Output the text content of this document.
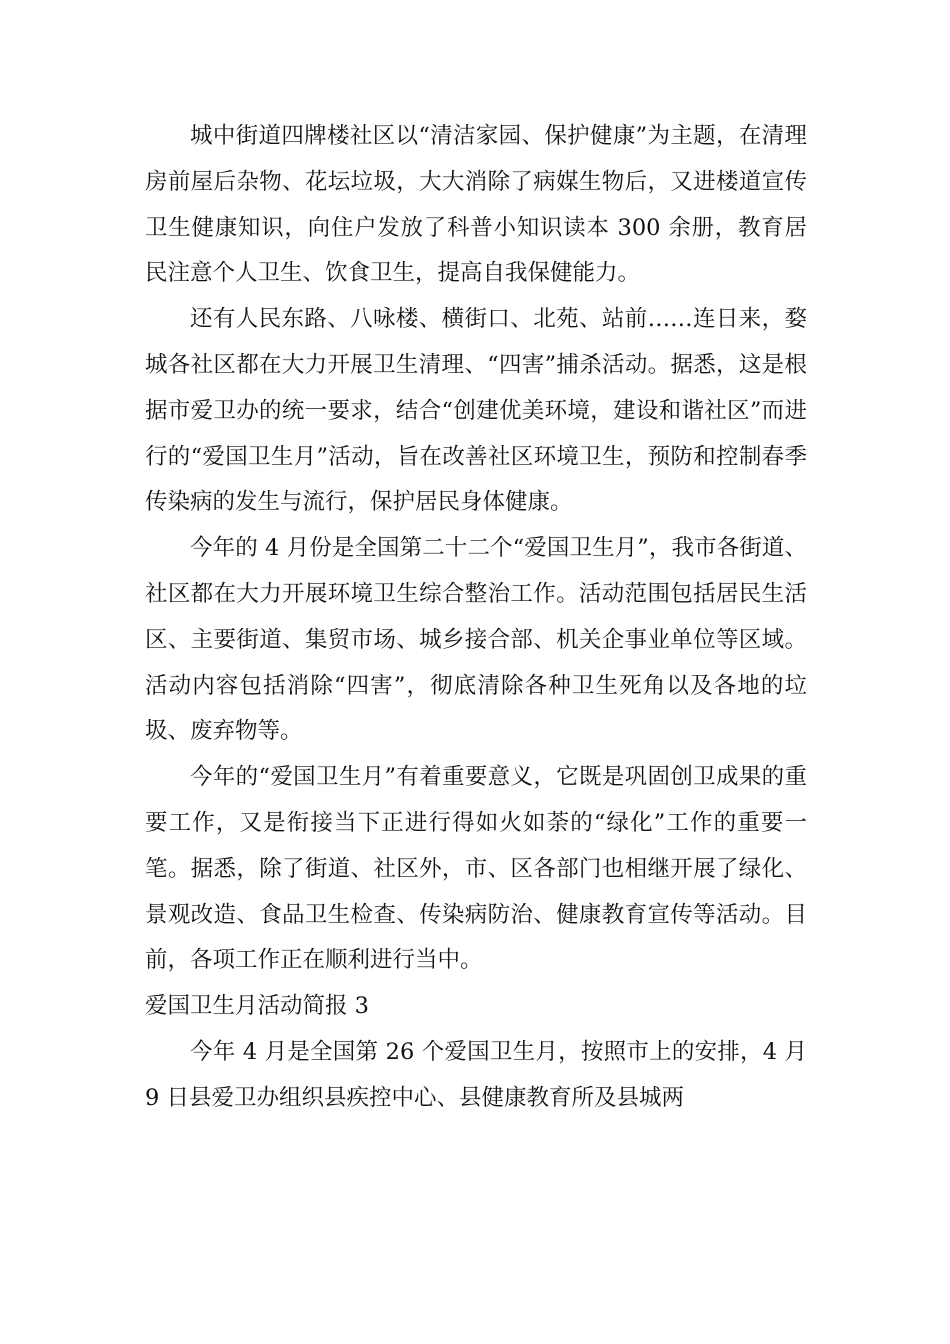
城中街道四牌楼社区以“清洁家园、保护健康”为主题，在清理房前屋后杂物、花坛垃圾，大大消除了病媒生物后，又进楼道宣传卫生健康知识，向住户发放了科普小知识读本 300 余册，教育居民注意个人卫生、饮食卫生，提高自我保健能力。

还有人民东路、八咏楼、横街口、北苑、站前……连日来，婺城各社区都在大力开展卫生清理、“四害”捕杀活动。据悉，这是根据市爱卫办的统一要求，结合“创建优美环境，建设和谐社区”而进行的“爱国卫生月”活动，旨在改善社区环境卫生，预防和控制春季传染病的发生与流行，保护居民身体健康。

今年的 4 月份是全国第二十二个“爱国卫生月”，我市各街道、社区都在大力开展环境卫生综合整治工作。活动范围包括居民生活区、主要街道、集贸市场、城乡接合部、机关企事业单位等区域。活动内容包括消除“四害”，彻底清除各种卫生死角以及各地的垃圾、废弃物等。

今年的“爱国卫生月”有着重要意义，它既是巩固创卫成果的重要工作，又是衔接当下正进行得如火如荼的“绿化”工作的重要一笔。据悉，除了街道、社区外，市、区各部门也相继开展了绿化、景观改造、食品卫生检查、传染病防治、健康教育宣传等活动。目前，各项工作正在顺利进行当中。

爱国卫生月活动简报 3

今年 4 月是全国第 26 个爱国卫生月，按照市上的安排，4 月 9 日县爱卫办组织县疾控中心、县健康教育所及县城两
